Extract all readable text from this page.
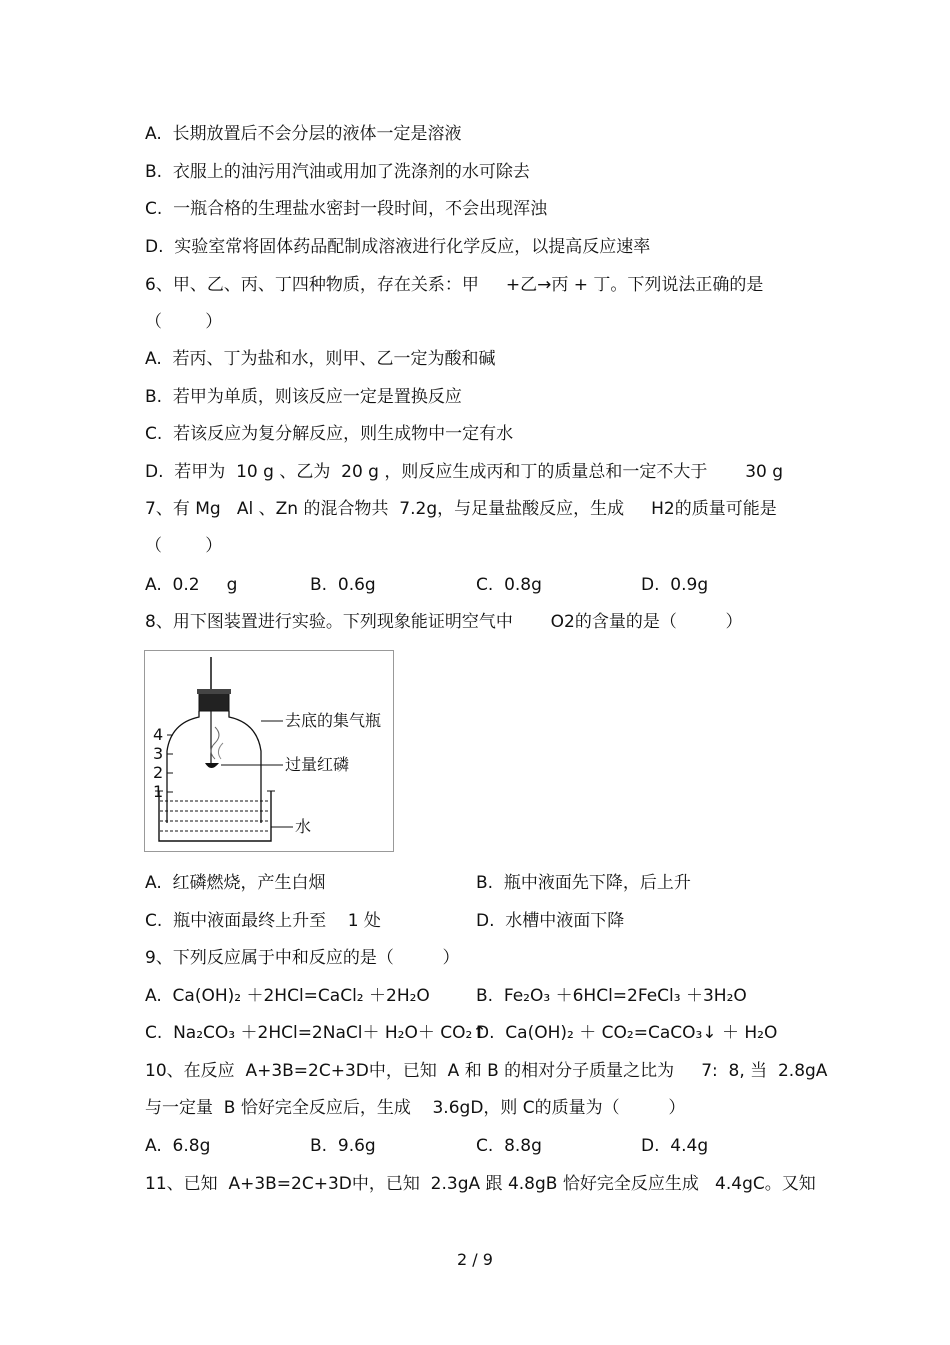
A.  长期放置后不会分层的液体一定是溶液
B.  衣服上的油污用汽油或用加了洗涤剂的水可除去
C.  一瓶合格的生理盐水密封一段时间，不会出现浑浊
D.  实验室常将固体药品配制成溶液进行化学反应，以提高反应速率
6、甲、乙、丙、丁四种物质，存在关系：甲     +乙→丙 + 丁。下列说法正确的是
（        ）
A.  若丙、丁为盐和水，则甲、乙一定为酸和碱
B.  若甲为单质，则该反应一定是置换反应
C.  若该反应为复分解反应，则生成物中一定有水
D.  若甲为  10 g 、乙为  20 g ，则反应生成丙和丁的质量总和一定不大于       30 g
7、有 Mg   Al 、Zn 的混合物共  7.2g，与足量盐酸反应，生成     H2的质量可能是
（        ）
A.  0.2     g	B.  0.6g	C.  0.8g	D.  0.9g
8、用下图装置进行实验。下列现象能证明空气中       O2的含量的是（         ）
4
3
2
1
去底的集气瓶
过量红磷
水
A.  红磷燃烧，产生白烟	B.  瓶中液面先下降，后上升
C.  瓶中液面最终上升至    1 处	D.  水槽中液面下降
9、下列反应属于中和反应的是（         ）
A.  Ca(OH)₂ ＋2HCl=CaCl₂ ＋2H₂O	B.  Fe₂O₃ ＋6HCl=2FeCl₃ ＋3H₂O
C.  Na₂CO₃ ＋2HCl=2NaCl＋ H₂O＋ CO₂↑
D.  Ca(OH)₂ ＋ CO₂=CaCO₃↓ ＋ H₂O
10、在反应  A+3B=2C+3D中，已知  A 和 B 的相对分子质量之比为     7:  8, 当  2.8gA
与一定量  B 恰好完全反应后，生成    3.6gD，则 C的质量为（         ）
A.  6.8g	B.  9.6g	C.  8.8g	D.  4.4g
11、已知  A+3B=2C+3D中，已知  2.3gA 跟 4.8gB 恰好完全反应生成   4.4gC。又知
2 / 9
